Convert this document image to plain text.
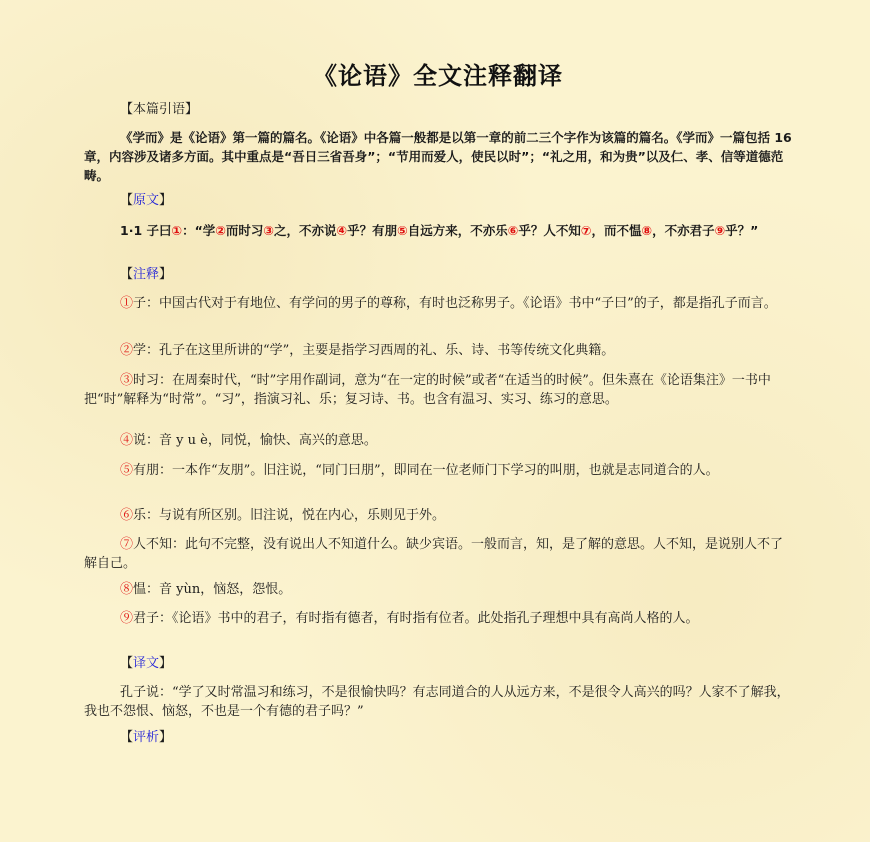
《论语》全文注释翻译
【本篇引语】
《学而》是《论语》第一篇的篇名。《论语》中各篇一般都是以第一章的前二三个字作为该篇的篇名。《学而》一篇包括 16 章，内容涉及诸多方面。其中重点是“吾日三省吾身”；“节用而爱人，使民以时”；“礼之用，和为贵”以及仁、孝、信等道德范畴。
【原文】
1·1 子曰①：“学②而时习③之，不亦说④乎？有朋⑤自远方来，不亦乐⑥乎？人不知⑦，而不愠⑧，不亦君子⑨乎？”
【注释】
①子：中国古代对于有地位、有学问的男子的尊称，有时也泛称男子。《论语》书中“子曰”的子，都是指孔子而言。
②学：孔子在这里所讲的“学”，主要是指学习西周的礼、乐、诗、书等传统文化典籍。
③时习：在周秦时代，“时”字用作副词，意为“在一定的时候”或者“在适当的时候”。但朱熹在《论语集注》一书中把“时”解释为“时常”。“习”，指演习礼、乐；复习诗、书。也含有温习、实习、练习的意思。
④说：音 y u è，同悦，愉快、高兴的意思。
⑤有朋：一本作“友朋”。旧注说，“同门曰朋”，即同在一位老师门下学习的叫朋，也就是志同道合的人。
⑥乐：与说有所区别。旧注说，悦在内心，乐则见于外。
⑦人不知：此句不完整，没有说出人不知道什么。缺少宾语。一般而言，知，是了解的意思。人不知，是说别人不了解自己。
⑧愠：音 yùn，恼怒，怨恨。
⑨君子：《论语》书中的君子，有时指有德者，有时指有位者。此处指孔子理想中具有高尚人格的人。
【译文】
孔子说：“学了又时常温习和练习，不是很愉快吗？有志同道合的人从远方来，不是很令人高兴的吗？人家不了解我，我也不怨恨、恼怒，不也是一个有德的君子吗？”
【评析】
